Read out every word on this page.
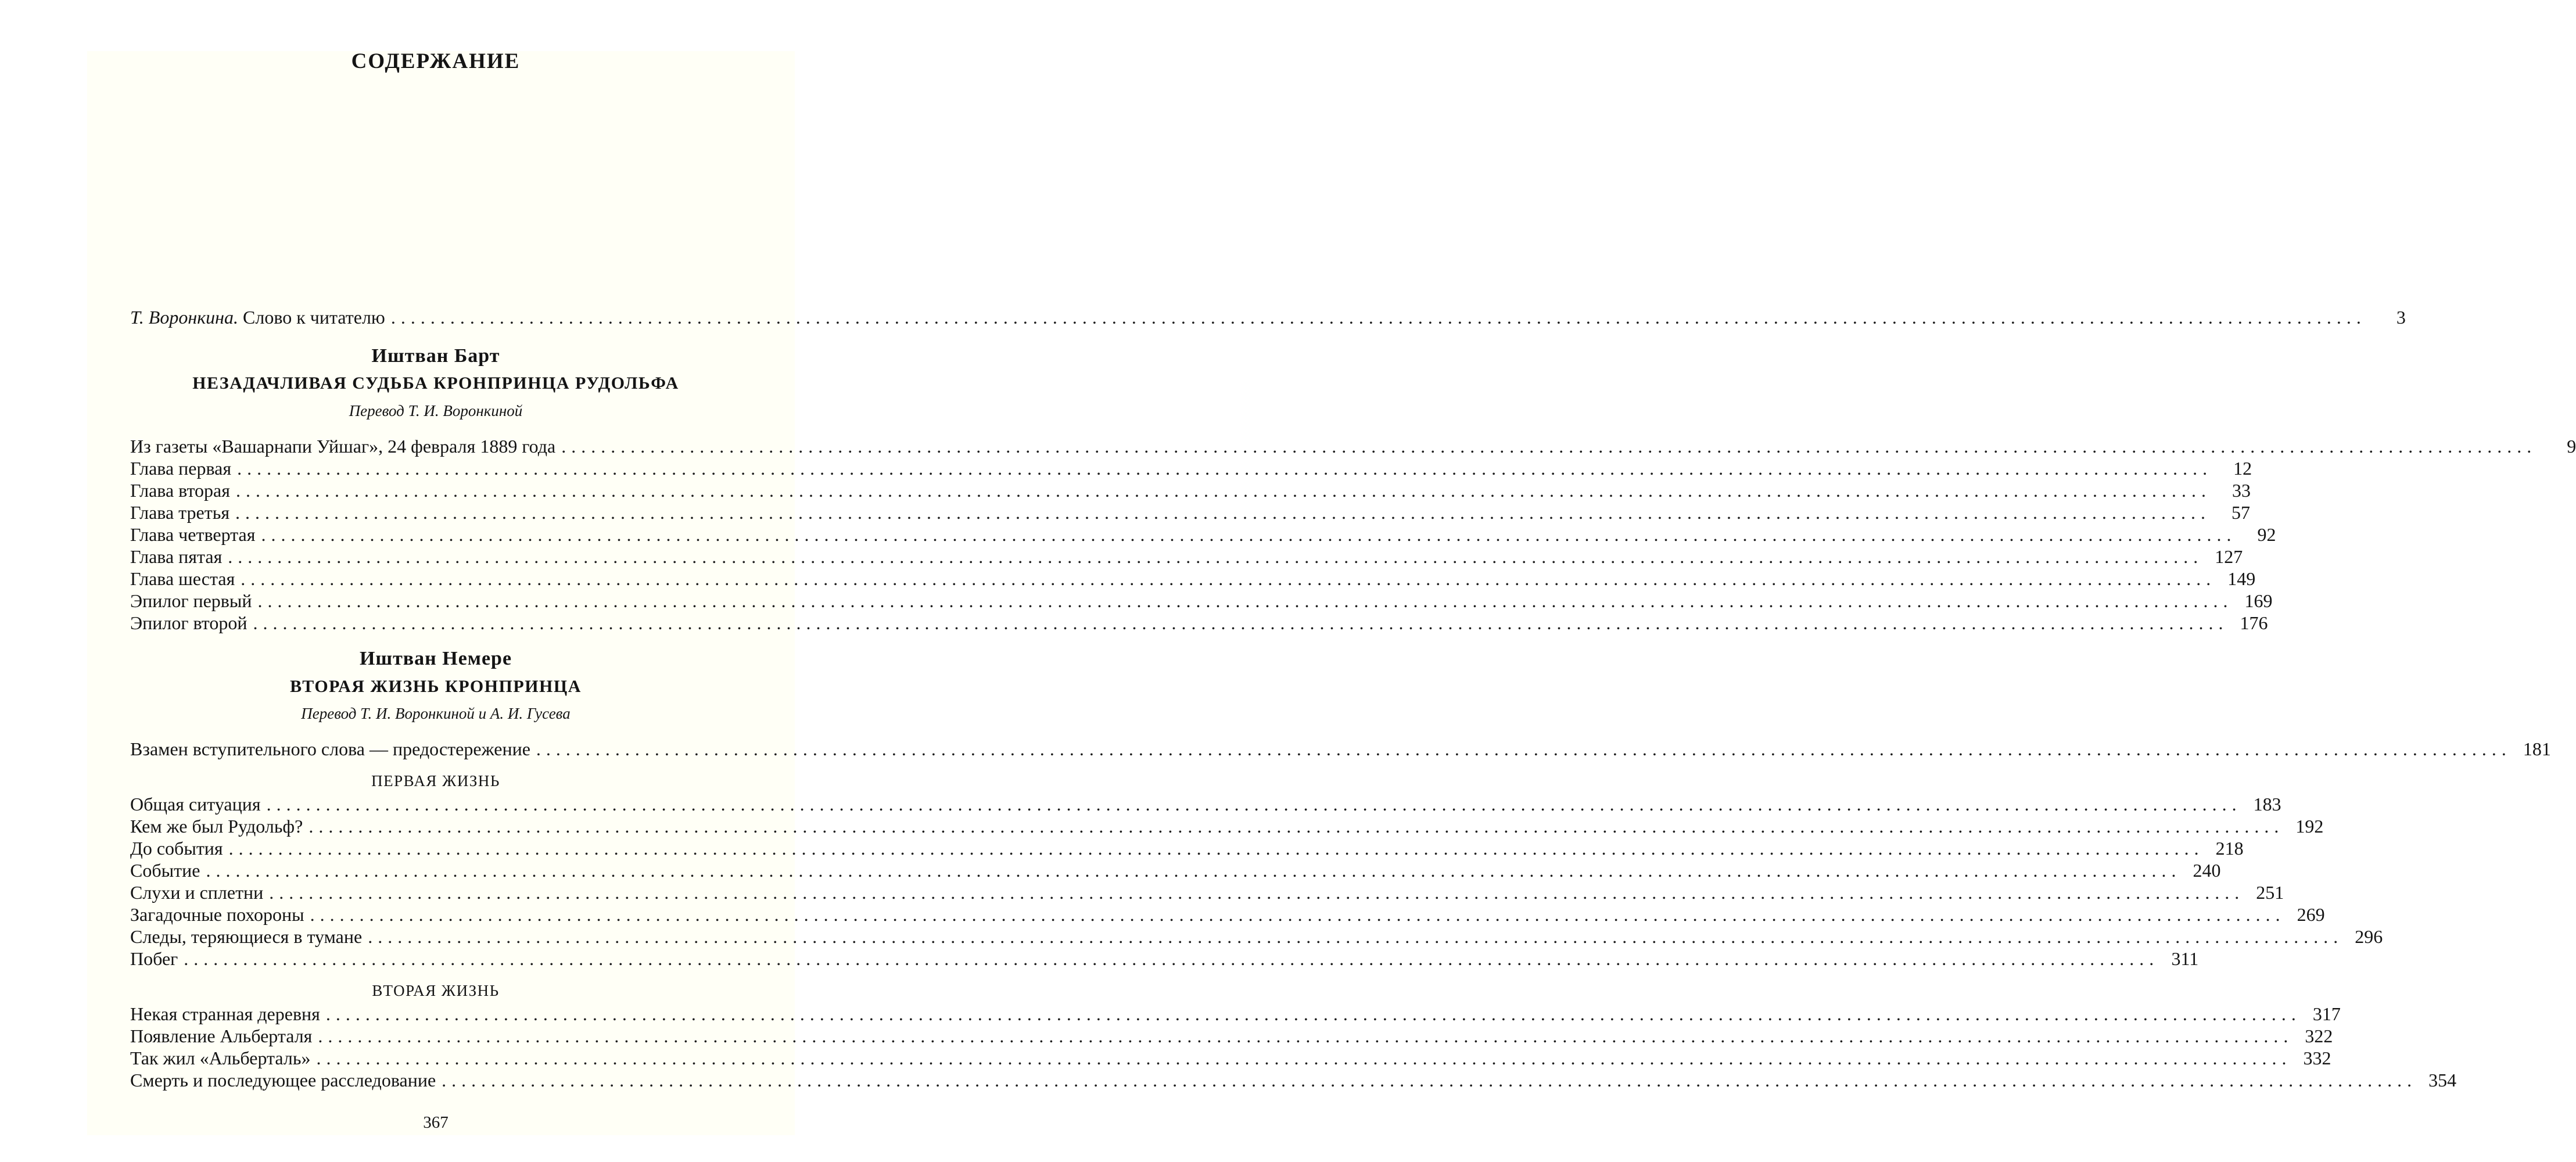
СОДЕРЖАНИЕ
Т. Воронкина. Слово к читателю ........................................................................................................................................................................................................	3
Иштван Барт
НЕЗАДАЧЛИВАЯ СУДЬБА КРОНПРИНЦА РУДОЛЬФА
Перевод Т. И. Воронкиной
Из газеты «Вашарнапи Уйшаг», 24 февраля 1889 года ........................................................................................................................................................................................................	9
Глава первая ........................................................................................................................................................................................................	12
Глава вторая ........................................................................................................................................................................................................	33
Глава третья ........................................................................................................................................................................................................	57
Глава четвертая ........................................................................................................................................................................................................	92
Глава пятая ........................................................................................................................................................................................................ 127
Глава шестая ........................................................................................................................................................................................................ 149
Эпилог первый ........................................................................................................................................................................................................ 169
Эпилог второй ........................................................................................................................................................................................................ 176
Иштван Немере
ВТОРАЯ ЖИЗНЬ КРОНПРИНЦА
Перевод Т. И. Воронкиной и А. И. Гусева
Взамен вступительного слова — предостережение ........................................................................................................................................................................................................ 181
ПЕРВАЯ ЖИЗНЬ
Общая ситуация ........................................................................................................................................................................................................ 183
Кем же был Рудольф? ........................................................................................................................................................................................................ 192
До события ........................................................................................................................................................................................................ 218
Событие ........................................................................................................................................................................................................ 240
Слухи и сплетни ........................................................................................................................................................................................................ 251
Загадочные похороны ........................................................................................................................................................................................................ 269
Следы, теряющиеся в тумане ........................................................................................................................................................................................................ 296
Побег ........................................................................................................................................................................................................ 311
ВТОРАЯ ЖИЗНЬ
Некая странная деревня ........................................................................................................................................................................................................ 317
Появление Альберталя ........................................................................................................................................................................................................ 322
Так жил «Альберталь» ........................................................................................................................................................................................................ 332
Смерть и последующее расследование ........................................................................................................................................................................................................ 354
367
